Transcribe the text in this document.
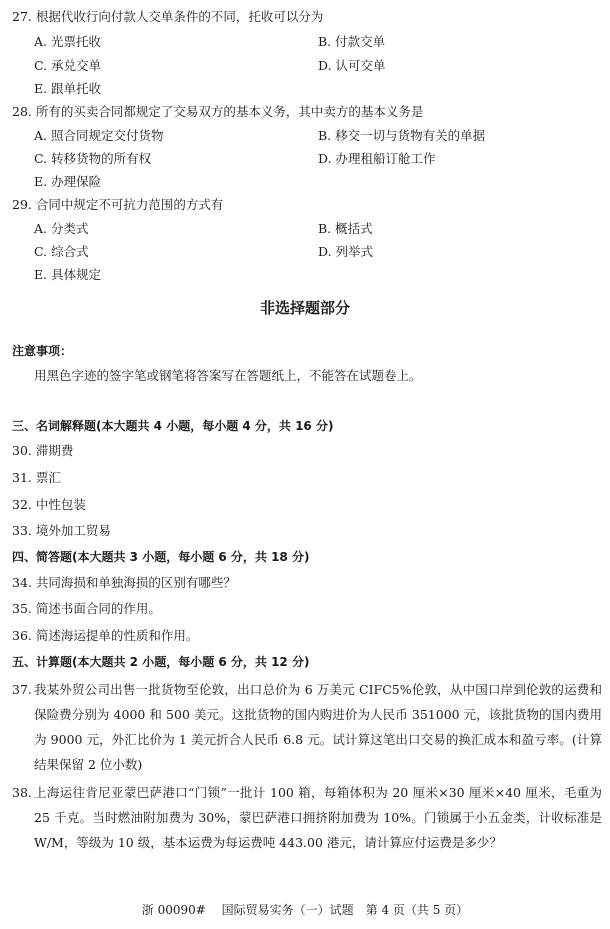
27. 根据代收行向付款人交单条件的不同，托收可以分为
A. 光票托收	B. 付款交单
C. 承兑交单	D. 认可交单
E. 跟单托收
28. 所有的买卖合同都规定了交易双方的基本义务，其中卖方的基本义务是
A. 照合同规定交付货物	B. 移交一切与货物有关的单据
C. 转移货物的所有权	D. 办理租船订舱工作
E. 办理保险
29. 合同中规定不可抗力范围的方式有
A. 分类式	B. 概括式
C. 综合式	D. 列举式
E. 具体规定
非选择题部分
注意事项：
用黑色字迹的签字笔或钢笔将答案写在答题纸上，不能答在试题卷上。
三、名词解释题(本大题共 4 小题，每小题 4 分，共 16 分)
30. 滞期费
31. 票汇
32. 中性包装
33. 境外加工贸易
四、简答题(本大题共 3 小题，每小题 6 分，共 18 分)
34. 共同海损和单独海损的区别有哪些？
35. 简述书面合同的作用。
36. 简述海运提单的性质和作用。
五、计算题(本大题共 2 小题，每小题 6 分，共 12 分)
37. 我某外贸公司出售一批货物至伦敦，出口总价为 6 万美元 CIFC5%伦敦，从中国口岸到伦敦的运费和保险费分别为 4000 和 500 美元。这批货物的国内购进价为人民币 351000 元，该批货物的国内费用为 9000 元，外汇比价为 1 美元折合人民币 6.8 元。试计算这笔出口交易的换汇成本和盈亏率。(计算结果保留 2 位小数)
38. 上海运往肯尼亚蒙巴萨港口“门锁”一批计 100 箱，每箱体积为 20 厘米×30 厘米×40 厘米，毛重为 25 千克。当时燃油附加费为 30%，蒙巴萨港口拥挤附加费为 10%。门锁属于小五金类，计收标准是 W/M，等级为 10 级，基本运费为每运费吨 443.00 港元，请计算应付运费是多少？
浙 00090# 　国际贸易实务（一）试题　第 4 页（共 5 页）
